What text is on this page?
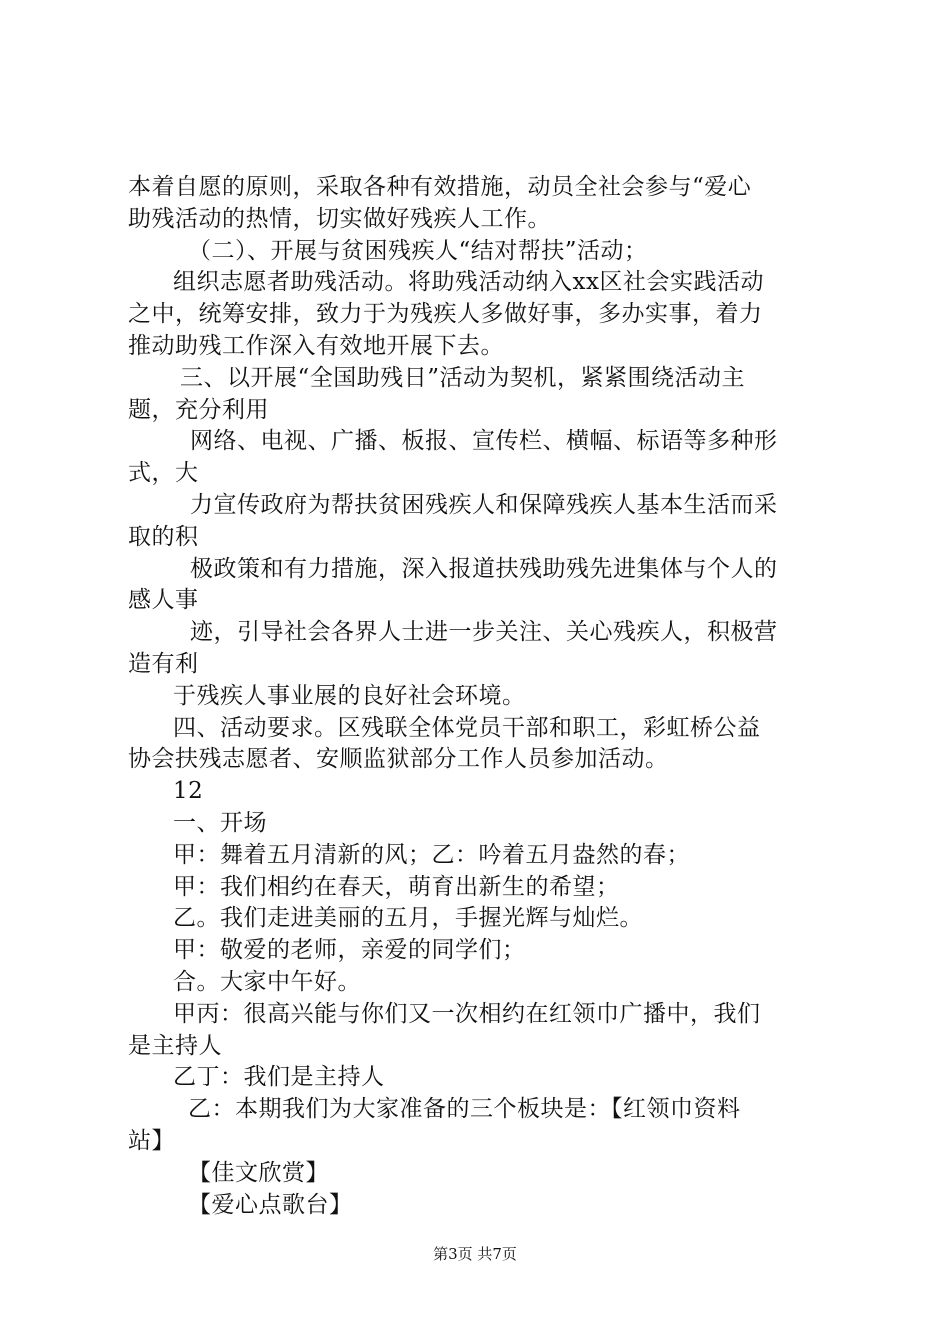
本着自愿的原则，采取各种有效措施，动员全社会参与“爱心
助残活动的热情，切实做好残疾人工作。
（二）、开展与贫困残疾人“结对帮扶”活动；
组织志愿者助残活动。将助残活动纳入xx区社会实践活动
之中，统筹安排，致力于为残疾人多做好事，多办实事，着力
推动助残工作深入有效地开展下去。
三、以开展“全国助残日”活动为契机，紧紧围绕活动主
题，充分利用
网络、电视、广播、板报、宣传栏、横幅、标语等多种形
式，大
力宣传政府为帮扶贫困残疾人和保障残疾人基本生活而采
取的积
极政策和有力措施，深入报道扶残助残先进集体与个人的
感人事
迹，引导社会各界人士进一步关注、关心残疾人，积极营
造有利
于残疾人事业展的良好社会环境。
四、活动要求。区残联全体党员干部和职工，彩虹桥公益
协会扶残志愿者、安顺监狱部分工作人员参加活动。
12
一、开场
甲：舞着五月清新的风；乙：吟着五月盎然的春；
甲：我们相约在春天，萌育出新生的希望；
乙。我们走进美丽的五月，手握光辉与灿烂。
甲：敬爱的老师，亲爱的同学们；
合。大家中午好。
甲丙：很高兴能与你们又一次相约在红领巾广播中，我们
是主持人
乙丁：我们是主持人
乙：本期我们为大家准备的三个板块是：【红领巾资料
站】
【佳文欣赏】
【爱心点歌台】
第3页 共7页
